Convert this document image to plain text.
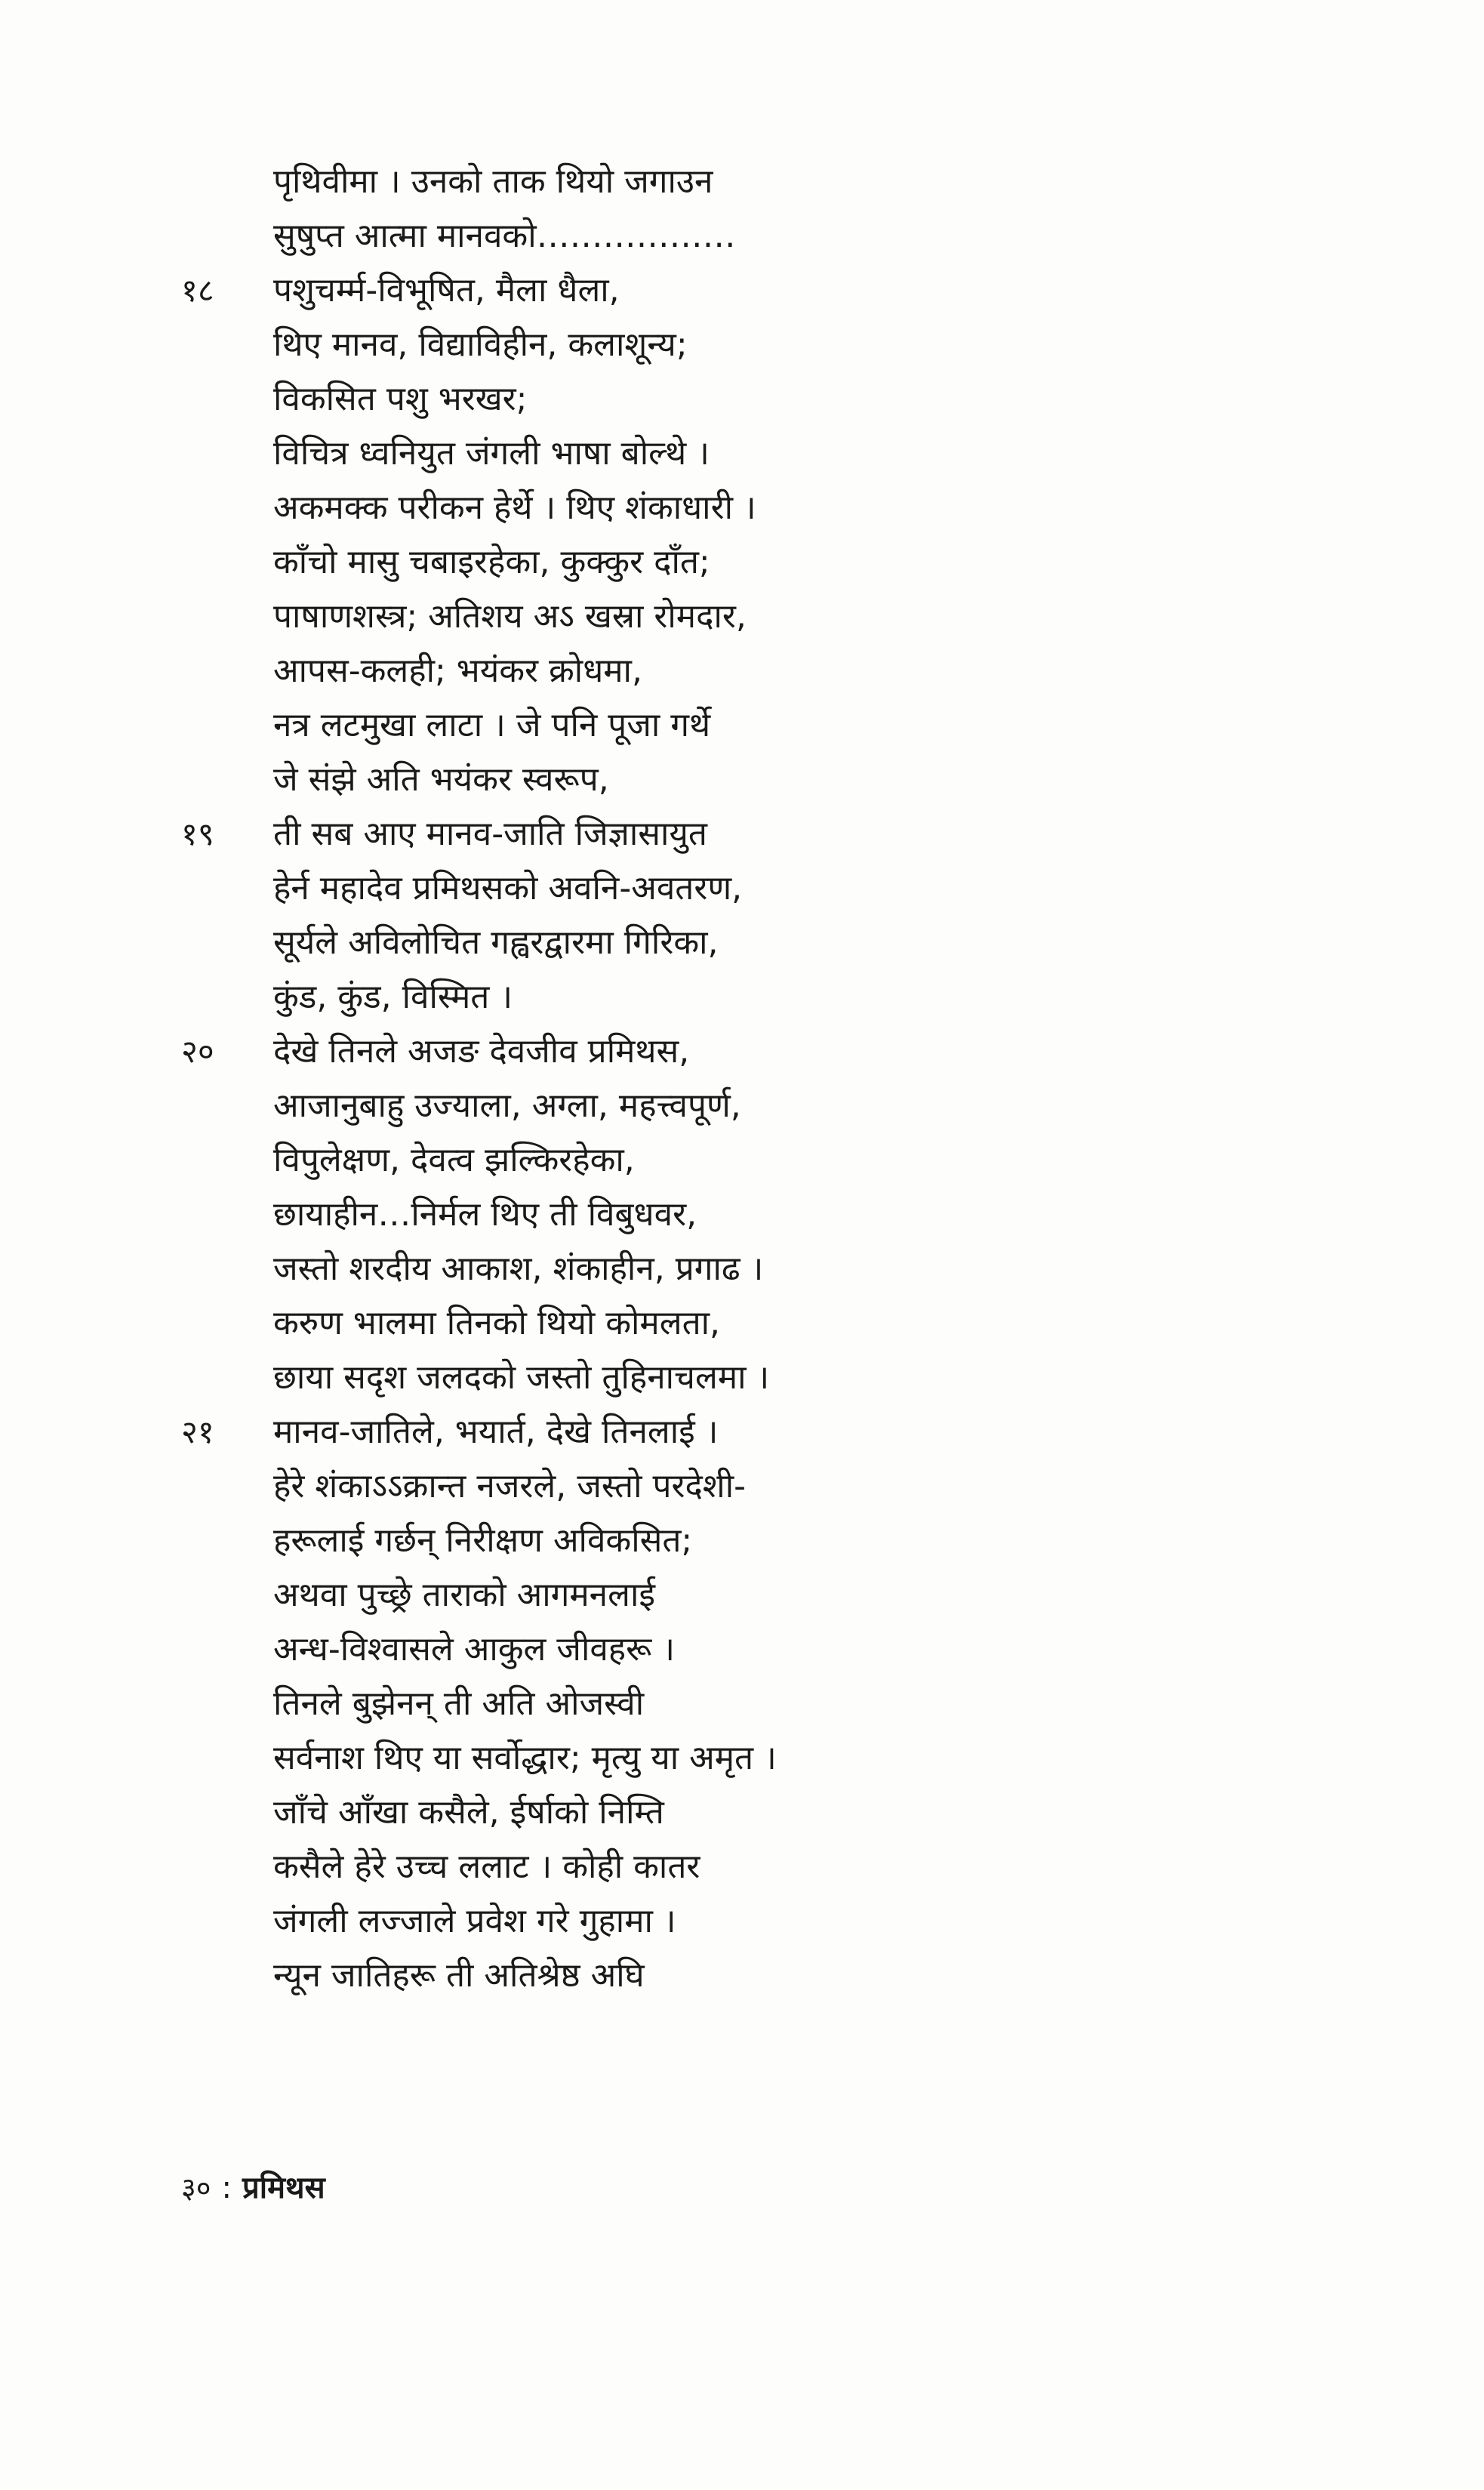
पृथिवीमा । उनको ताक थियो जगाउन
सुषुप्त आत्मा मानवको………………
१८	पशुचर्म्म-विभूषित, मैला धैला,
थिए मानव, विद्याविहीन, कलाशून्य;
विकसित पशु भरखर;
विचित्र ध्वनियुत जंगली भाषा बोल्थे ।
अकमक्क परीकन हेर्थे । थिए शंकाधारी ।
काँचो मासु चबाइरहेका, कुक्कुर दाँत;
पाषाणशस्त्र; अतिशय अऽ खस्रा रोमदार,
आपस-कलही; भयंकर क्रोधमा,
नत्र लटमुखा लाटा । जे पनि पूजा गर्थे
जे संझे अति भयंकर स्वरूप,
१९	ती सब आए मानव-जाति जिज्ञासायुत
हेर्न महादेव प्रमिथसको अवनि-अवतरण,
सूर्यले अविलोचित गह्वरद्वारमा गिरिका,
कुंड, कुंड, विस्मित ।
२०	देखे तिनले अजङ देवजीव प्रमिथस,
आजानुबाहु उज्याला, अग्ला, महत्त्वपूर्ण,
विपुलेक्षण, देवत्व झल्किरहेका,
छायाहीन…निर्मल थिए ती विबुधवर,
जस्तो शरदीय आकाश, शंकाहीन, प्रगाढ ।
करुण भालमा तिनको थियो कोमलता,
छाया सदृश जलदको जस्तो तुहिनाचलमा ।
२१	मानव-जातिले, भयार्त, देखे तिनलाई ।
हेरे शंकाऽऽक्रान्त नजरले, जस्तो परदेशी-
हरूलाई गर्छन् निरीक्षण अविकसित;
अथवा पुच्छ्रे ताराको आगमनलाई
अन्ध-विश्वासले आकुल जीवहरू ।
तिनले बुझेनन् ती अति ओजस्वी
सर्वनाश थिए या सर्वोद्धार; मृत्यु या अमृत ।
जाँचे आँखा कसैले, ईर्षाको निम्ति
कसैले हेरे उच्च ललाट । कोही कातर
जंगली लज्जाले प्रवेश गरे गुहामा ।
न्यून जातिहरू ती अतिश्रेष्ठ अघि
३० : प्रमिथस
